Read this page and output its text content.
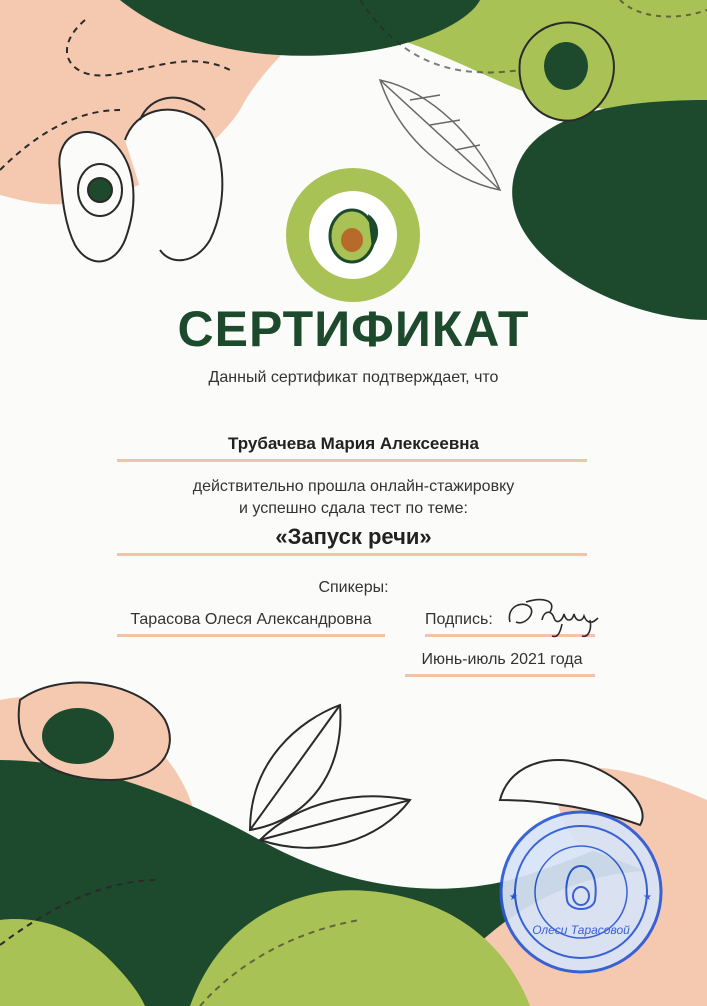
★	★
СЕРТИФИКАТ
Данный сертификат подтверждает, что
Трубачева Мария Алексеевна
действительно прошла онлайн-стажировку
и успешно сдала тест по теме:
«Запуск речи»
Спикеры:
Тарасова Олеся Александровна	Подпись:
Июнь-июль 2021 года
★	★
Олеси Тарасовой
